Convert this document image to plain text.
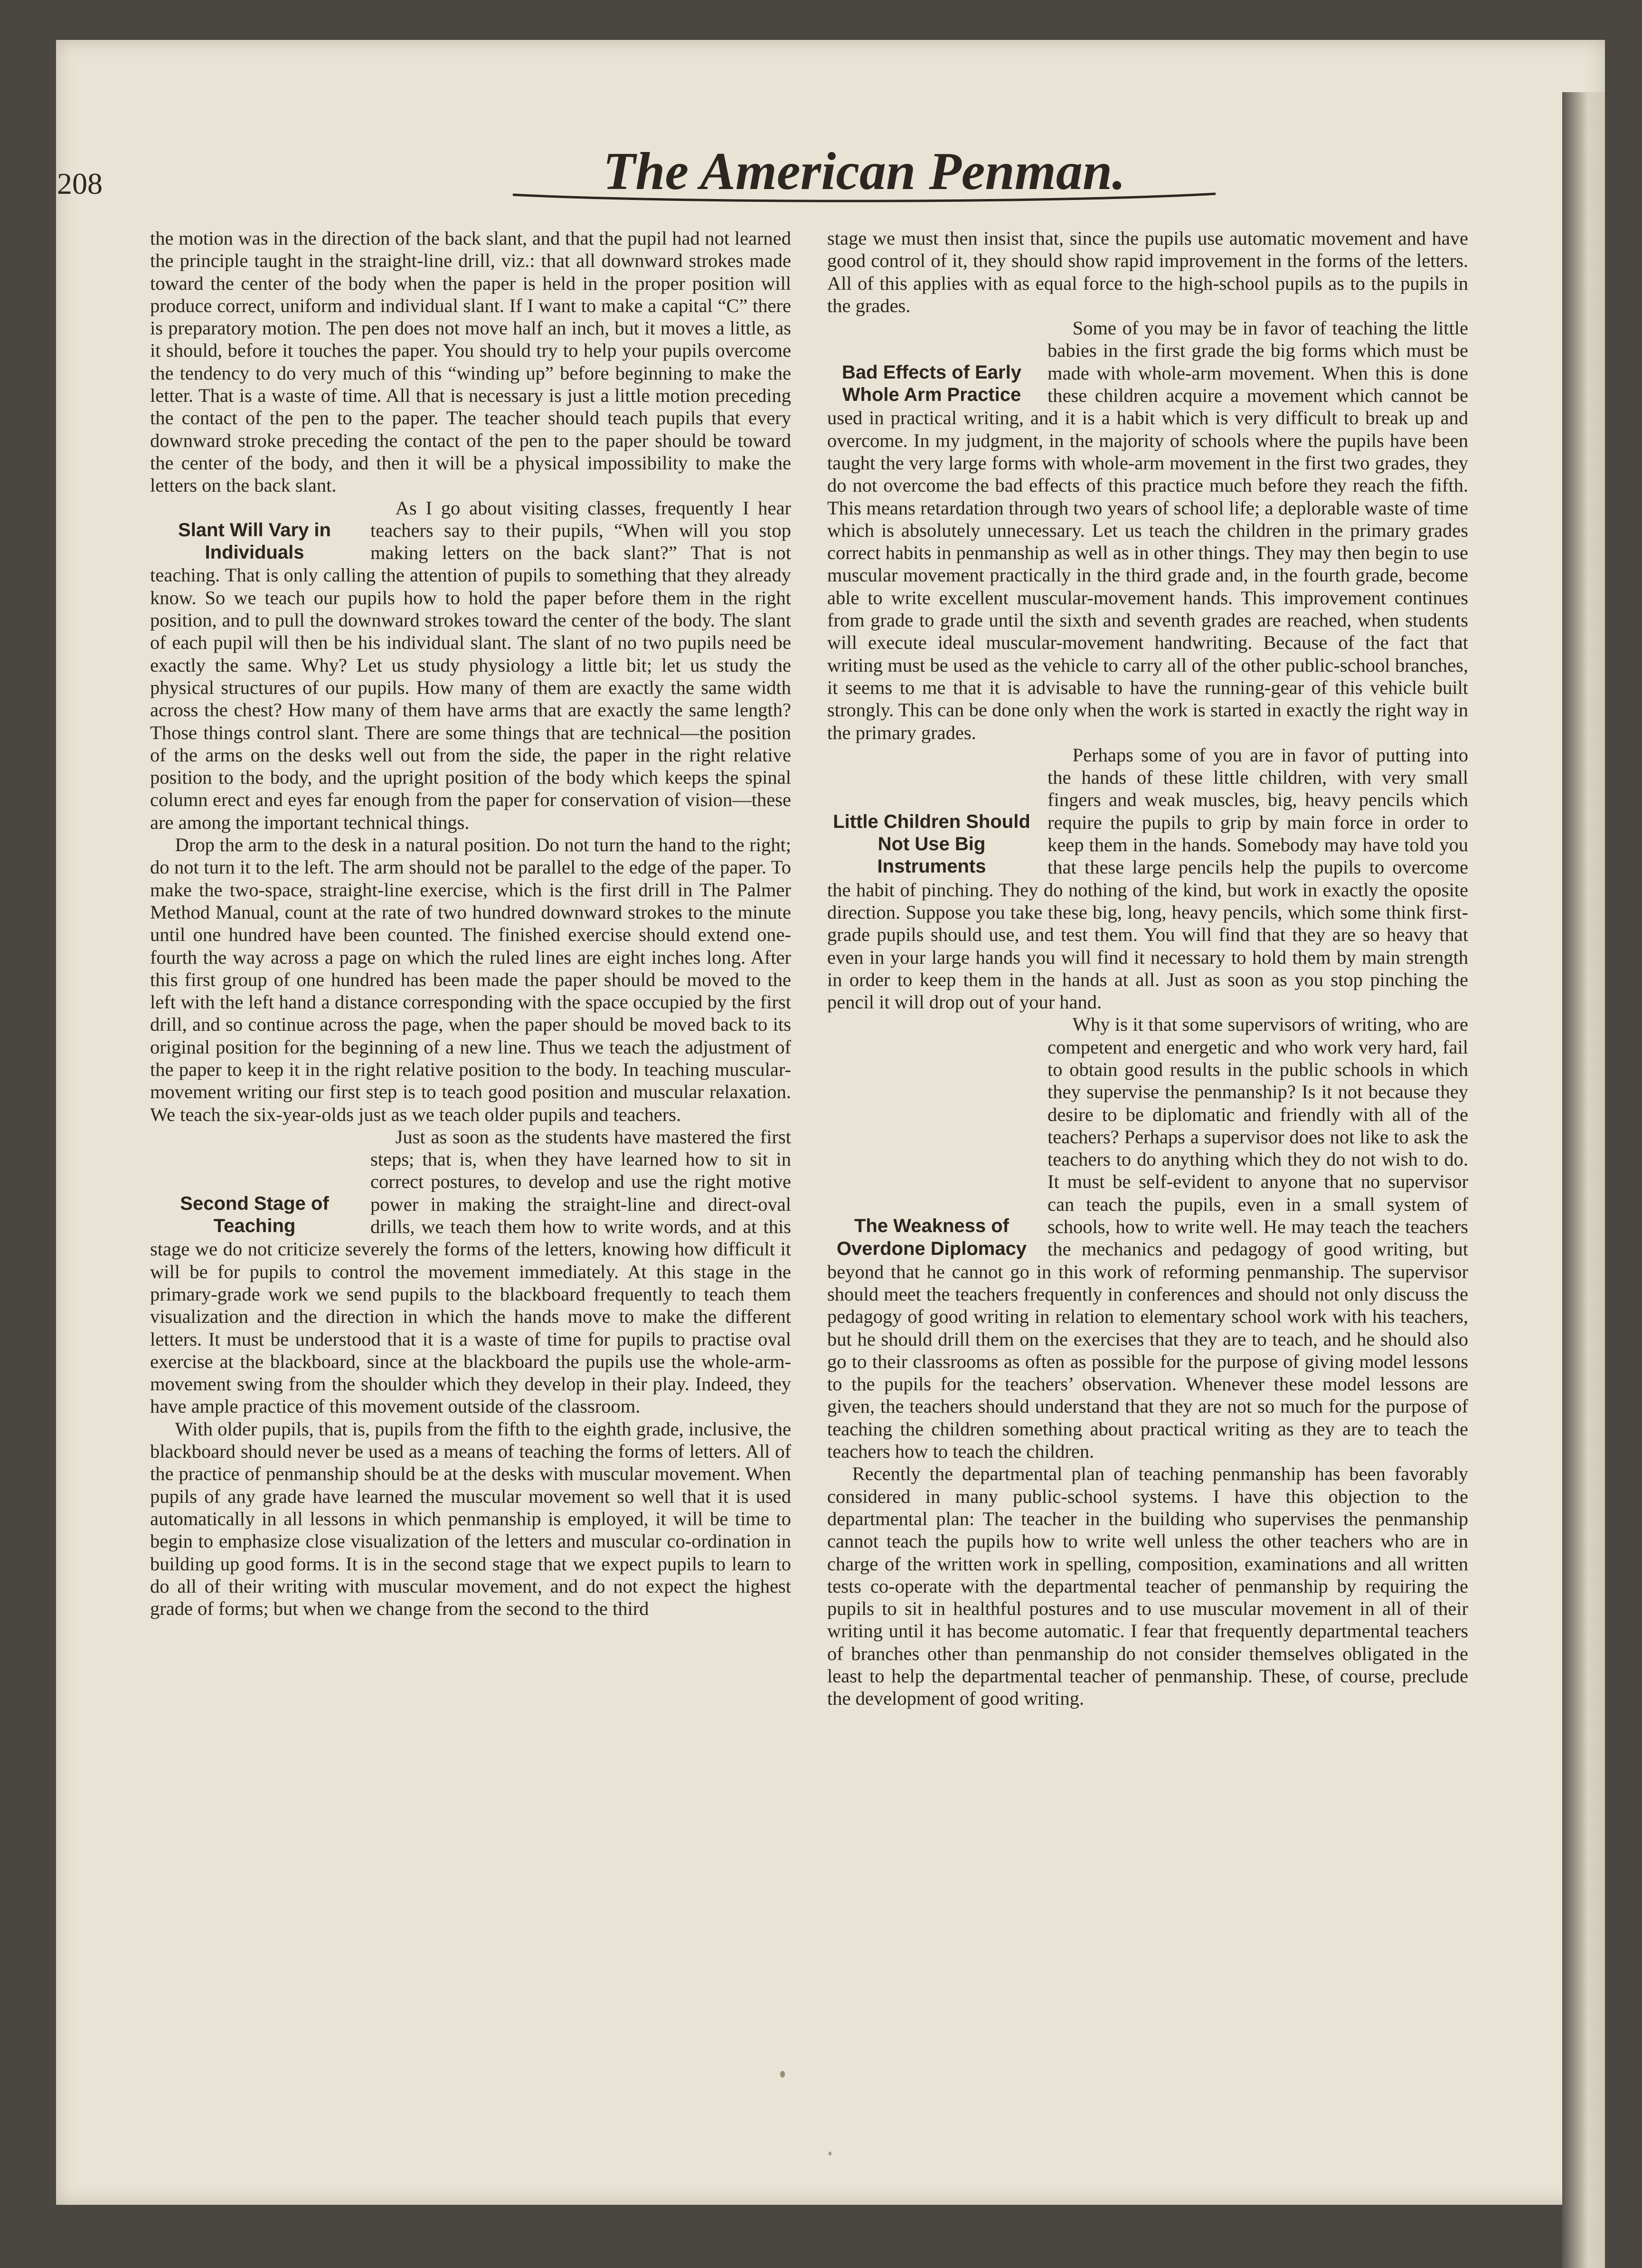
208	The American Penman.

the motion was in the direction of the back slant, and that the pupil had not learned the principle taught in the straight-line drill, viz.: that all downward strokes made toward the center of the body when the paper is held in the proper position will produce correct, uniform and individual slant. If I want to make a capital “C” there is preparatory motion. The pen does not move half an inch, but it moves a little, as it should, before it touches the paper. You should try to help your pupils overcome the tendency to do very much of this “winding up” before beginning to make the letter. That is a waste of time. All that is necessary is just a little motion preceding the contact of the pen to the paper. The teacher should teach pupils that every downward stroke preceding the contact of the pen to the paper should be toward the center of the body, and then it will be a physical impossibility to make the letters on the back slant.

Slant Will Vary in Individuals
As I go about visiting classes, frequently I hear teachers say to their pupils, “When will you stop making letters on the back slant?” That is not teaching. That is only calling the attention of pupils to something that they already know. So we teach our pupils how to hold the paper before them in the right position, and to pull the downward strokes toward the center of the body. The slant of each pupil will then be his individual slant. The slant of no two pupils need be exactly the same. Why? Let us study physiology a little bit; let us study the physical structures of our pupils. How many of them are exactly the same width across the chest? How many of them have arms that are exactly the same length? Those things control slant. There are some things that are technical—the position of the arms on the desks well out from the side, the paper in the right relative position to the body, and the upright position of the body which keeps the spinal column erect and eyes far enough from the paper for conservation of vision—these are among the important technical things.

Drop the arm to the desk in a natural position. Do not turn the hand to the right; do not turn it to the left. The arm should not be parallel to the edge of the paper. To make the two-space, straight-line exercise, which is the first drill in The Palmer Method Manual, count at the rate of two hundred downward strokes to the minute until one hundred have been counted. The finished exercise should extend one-fourth the way across a page on which the ruled lines are eight inches long. After this first group of one hundred has been made the paper should be moved to the left with the left hand a distance corresponding with the space occupied by the first drill, and so continue across the page, when the paper should be moved back to its original position for the beginning of a new line. Thus we teach the adjustment of the paper to keep it in the right relative position to the body. In teaching muscular-movement writing our first step is to teach good position and muscular relaxation. We teach the six-year-olds just as we teach older pupils and teachers.

Second Stage of Teaching
Just as soon as the students have mastered the first steps; that is, when they have learned how to sit in correct postures, to develop and use the right motive power in making the straight-line and direct-oval drills, we teach them how to write words, and at this stage we do not criticize severely the forms of the letters, knowing how difficult it will be for pupils to control the movement immediately. At this stage in the primary-grade work we send pupils to the blackboard frequently to teach them visualization and the direction in which the hands move to make the different letters. It must be understood that it is a waste of time for pupils to practise oval exercise at the blackboard, since at the blackboard the pupils use the whole-arm-movement swing from the shoulder which they develop in their play. Indeed, they have ample practice of this movement outside of the classroom.

With older pupils, that is, pupils from the fifth to the eighth grade, inclusive, the blackboard should never be used as a means of teaching the forms of letters. All of the practice of penmanship should be at the desks with muscular movement. When pupils of any grade have learned the muscular movement so well that it is used automatically in all lessons in which penmanship is employed, it will be time to begin to emphasize close visualization of the letters and muscular co-ordination in building up good forms. It is in the second stage that we expect pupils to learn to do all of their writing with muscular movement, and do not expect the highest grade of forms; but when we change from the second to the third

stage we must then insist that, since the pupils use automatic movement and have good control of it, they should show rapid improvement in the forms of the letters. All of this applies with as equal force to the high-school pupils as to the pupils in the grades.

Bad Effects of Early Whole Arm Practice
Some of you may be in favor of teaching the little babies in the first grade the big forms which must be made with whole-arm movement. When this is done these children acquire a movement which cannot be used in practical writing, and it is a habit which is very difficult to break up and overcome. In my judgment, in the majority of schools where the pupils have been taught the very large forms with whole-arm movement in the first two grades, they do not overcome the bad effects of this practice much before they reach the fifth. This means retardation through two years of school life; a deplorable waste of time which is absolutely unnecessary. Let us teach the children in the primary grades correct habits in penmanship as well as in other things. They may then begin to use muscular movement practically in the third grade and, in the fourth grade, become able to write excellent muscular-movement hands. This improvement continues from grade to grade until the sixth and seventh grades are reached, when students will execute ideal muscular-movement handwriting. Because of the fact that writing must be used as the vehicle to carry all of the other public-school branches, it seems to me that it is advisable to have the running-gear of this vehicle built strongly. This can be done only when the work is started in exactly the right way in the primary grades.

Little Children Should Not Use Big Instruments
Perhaps some of you are in favor of putting into the hands of these little children, with very small fingers and weak muscles, big, heavy pencils which require the pupils to grip by main force in order to keep them in the hands. Somebody may have told you that these large pencils help the pupils to overcome the habit of pinching. They do nothing of the kind, but work in exactly the oposite direction. Suppose you take these big, long, heavy pencils, which some think first-grade pupils should use, and test them. You will find that they are so heavy that even in your large hands you will find it necessary to hold them by main strength in order to keep them in the hands at all. Just as soon as you stop pinching the pencil it will drop out of your hand.

The Weakness of Overdone Diplomacy
Why is it that some supervisors of writing, who are competent and energetic and who work very hard, fail to obtain good results in the public schools in which they supervise the penmanship? Is it not because they desire to be diplomatic and friendly with all of the teachers? Perhaps a supervisor does not like to ask the teachers to do anything which they do not wish to do. It must be self-evident to anyone that no supervisor can teach the pupils, even in a small system of schools, how to write well. He may teach the teachers the mechanics and pedagogy of good writing, but beyond that he cannot go in this work of reforming penmanship. The supervisor should meet the teachers frequently in conferences and should not only discuss the pedagogy of good writing in relation to elementary school work with his teachers, but he should drill them on the exercises that they are to teach, and he should also go to their classrooms as often as possible for the purpose of giving model lessons to the pupils for the teachers’ observation. Whenever these model lessons are given, the teachers should understand that they are not so much for the purpose of teaching the children something about practical writing as they are to teach the teachers how to teach the children.

Recently the departmental plan of teaching penmanship has been favorably considered in many public-school systems. I have this objection to the departmental plan: The teacher in the building who supervises the penmanship cannot teach the pupils how to write well unless the other teachers who are in charge of the written work in spelling, composition, examinations and all written tests co-operate with the departmental teacher of penmanship by requiring the pupils to sit in healthful postures and to use muscular movement in all of their writing until it has become automatic. I fear that frequently departmental teachers of branches other than penmanship do not consider themselves obligated in the least to help the departmental teacher of penmanship. These, of course, preclude the development of good writing.
